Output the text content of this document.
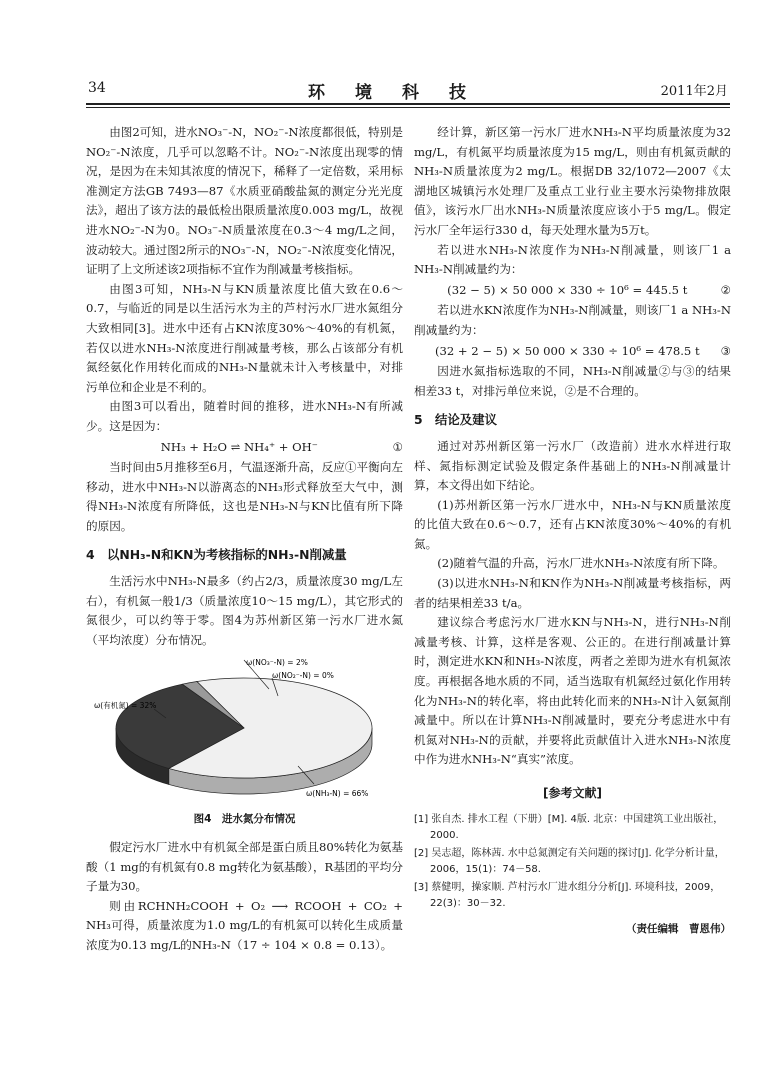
34	环境科技	2011年2月

由图2可知，进水NO₃⁻-N，NO₂⁻-N浓度都很低，特别是NO₂⁻-N浓度，几乎可以忽略不计。NO₂⁻-N浓度出现零的情况，是因为在未知其浓度的情况下，稀释了一定倍数，采用标准测定方法GB 7493—87《水质亚硝酸盐氮的测定分光光度法》，超出了该方法的最低检出限质量浓度0.003 mg/L，故视进水NO₂⁻-N为0。NO₃⁻-N质量浓度在0.3～4 mg/L之间，波动较大。通过图2所示的NO₃⁻-N，NO₂⁻-N浓度变化情况，证明了上文所述该2项指标不宜作为削减量考核指标。

由图3可知，NH₃-N与KN质量浓度比值大致在0.6～0.7，与临近的同是以生活污水为主的芦村污水厂进水氮组分大致相同[3]。进水中还有占KN浓度30%～40%的有机氮，若仅以进水NH₃-N浓度进行削减量考核，那么占该部分有机氮经氨化作用转化而成的NH₃-N量就未计入考核量中，对排污单位和企业是不利的。

由图3可以看出，随着时间的推移，进水NH₃-N有所减少。这是因为：

NH₃ + H₂O ⇌ NH₄⁺ + OH⁻	①

当时间由5月推移至6月，气温逐渐升高，反应①平衡向左移动，进水中NH₃-N以游离态的NH₃形式释放至大气中，测得NH₃-N浓度有所降低，这也是NH₃-N与KN比值有所下降的原因。

4　以NH₃-N和KN为考核指标的NH₃-N削减量

生活污水中NH₃-N最多（约占2/3，质量浓度30 mg/L左右），有机氮一般1/3（质量浓度10～15 mg/L），其它形式的氮很少，可以约等于零。图4为苏州新区第一污水厂进水氮（平均浓度）分布情况。

ω(NO₃⁻-N) = 2%
ω(NO₂⁻-N) = 0%
ω(有机氮) = 32%
ω(NH₃-N) = 66%
图4　进水氮分布情况

假定污水厂进水中有机氮全部是蛋白质且80%转化为氨基酸（1 mg的有机氮有0.8 mg转化为氨基酸），R基团的平均分子量为30。

则由RCHNH₂COOH + O₂ ⟶ RCOOH + CO₂ + NH₃可得，质量浓度为1.0 mg/L的有机氮可以转化生成质量浓度为0.13 mg/L的NH₃-N（17 ÷ 104 × 0.8 = 0.13）。

经计算，新区第一污水厂进水NH₃-N平均质量浓度为32 mg/L，有机氮平均质量浓度为15 mg/L，则由有机氮贡献的NH₃-N质量浓度为2 mg/L。根据DB 32/1072—2007《太湖地区城镇污水处理厂及重点工业行业主要水污染物排放限值》，该污水厂出水NH₃-N质量浓度应该小于5 mg/L。假定污水厂全年运行330 d，每天处理水量为5万t。

若以进水NH₃-N浓度作为NH₃-N削减量，则该厂1 a NH₃-N削减量约为：

(32 − 5) × 50 000 × 330 ÷ 10⁶ = 445.5 t	②

若以进水KN浓度作为NH₃-N削减量，则该厂1 a NH₃-N削减量约为：

(32 + 2 − 5) × 50 000 × 330 ÷ 10⁶ = 478.5 t ③

因进水氮指标选取的不同，NH₃-N削减量②与③的结果相差33 t，对排污单位来说，②是不合理的。

5　结论及建议

通过对苏州新区第一污水厂（改造前）进水水样进行取样、氮指标测定试验及假定条件基础上的NH₃-N削减量计算，本文得出如下结论。

(1)苏州新区第一污水厂进水中，NH₃-N与KN质量浓度的比值大致在0.6～0.7，还有占KN浓度30%～40%的有机氮。

(2)随着气温的升高，污水厂进水NH₃-N浓度有所下降。

(3)以进水NH₃-N和KN作为NH₃-N削减量考核指标，两者的结果相差33 t/a。

建议综合考虑污水厂进水KN与NH₃-N，进行NH₃-N削减量考核、计算，这样是客观、公正的。在进行削减量计算时，测定进水KN和NH₃-N浓度，两者之差即为进水有机氮浓度。再根据各地水质的不同，适当选取有机氮经过氨化作用转化为NH₃-N的转化率，将由此转化而来的NH₃-N计入氨氮削减量中。所以在计算NH₃-N削减量时，要充分考虑进水中有机氮对NH₃-N的贡献，并要将此贡献值计入进水NH₃-N浓度中作为进水NH₃-N“真实”浓度。

[参考文献]
[1] 张自杰. 排水工程（下册）[M]. 4版. 北京：中国建筑工业出版社，2000.
[2] 吴志超，陈林茜. 水中总氮测定有关问题的探讨[J]. 化学分析计量，2006，15(1)：74－58.
[3] 蔡健明，操家顺. 芦村污水厂进水组分分析[J]. 环境科技，2009，22(3)：30－32.
（责任编辑　曹恩伟）
